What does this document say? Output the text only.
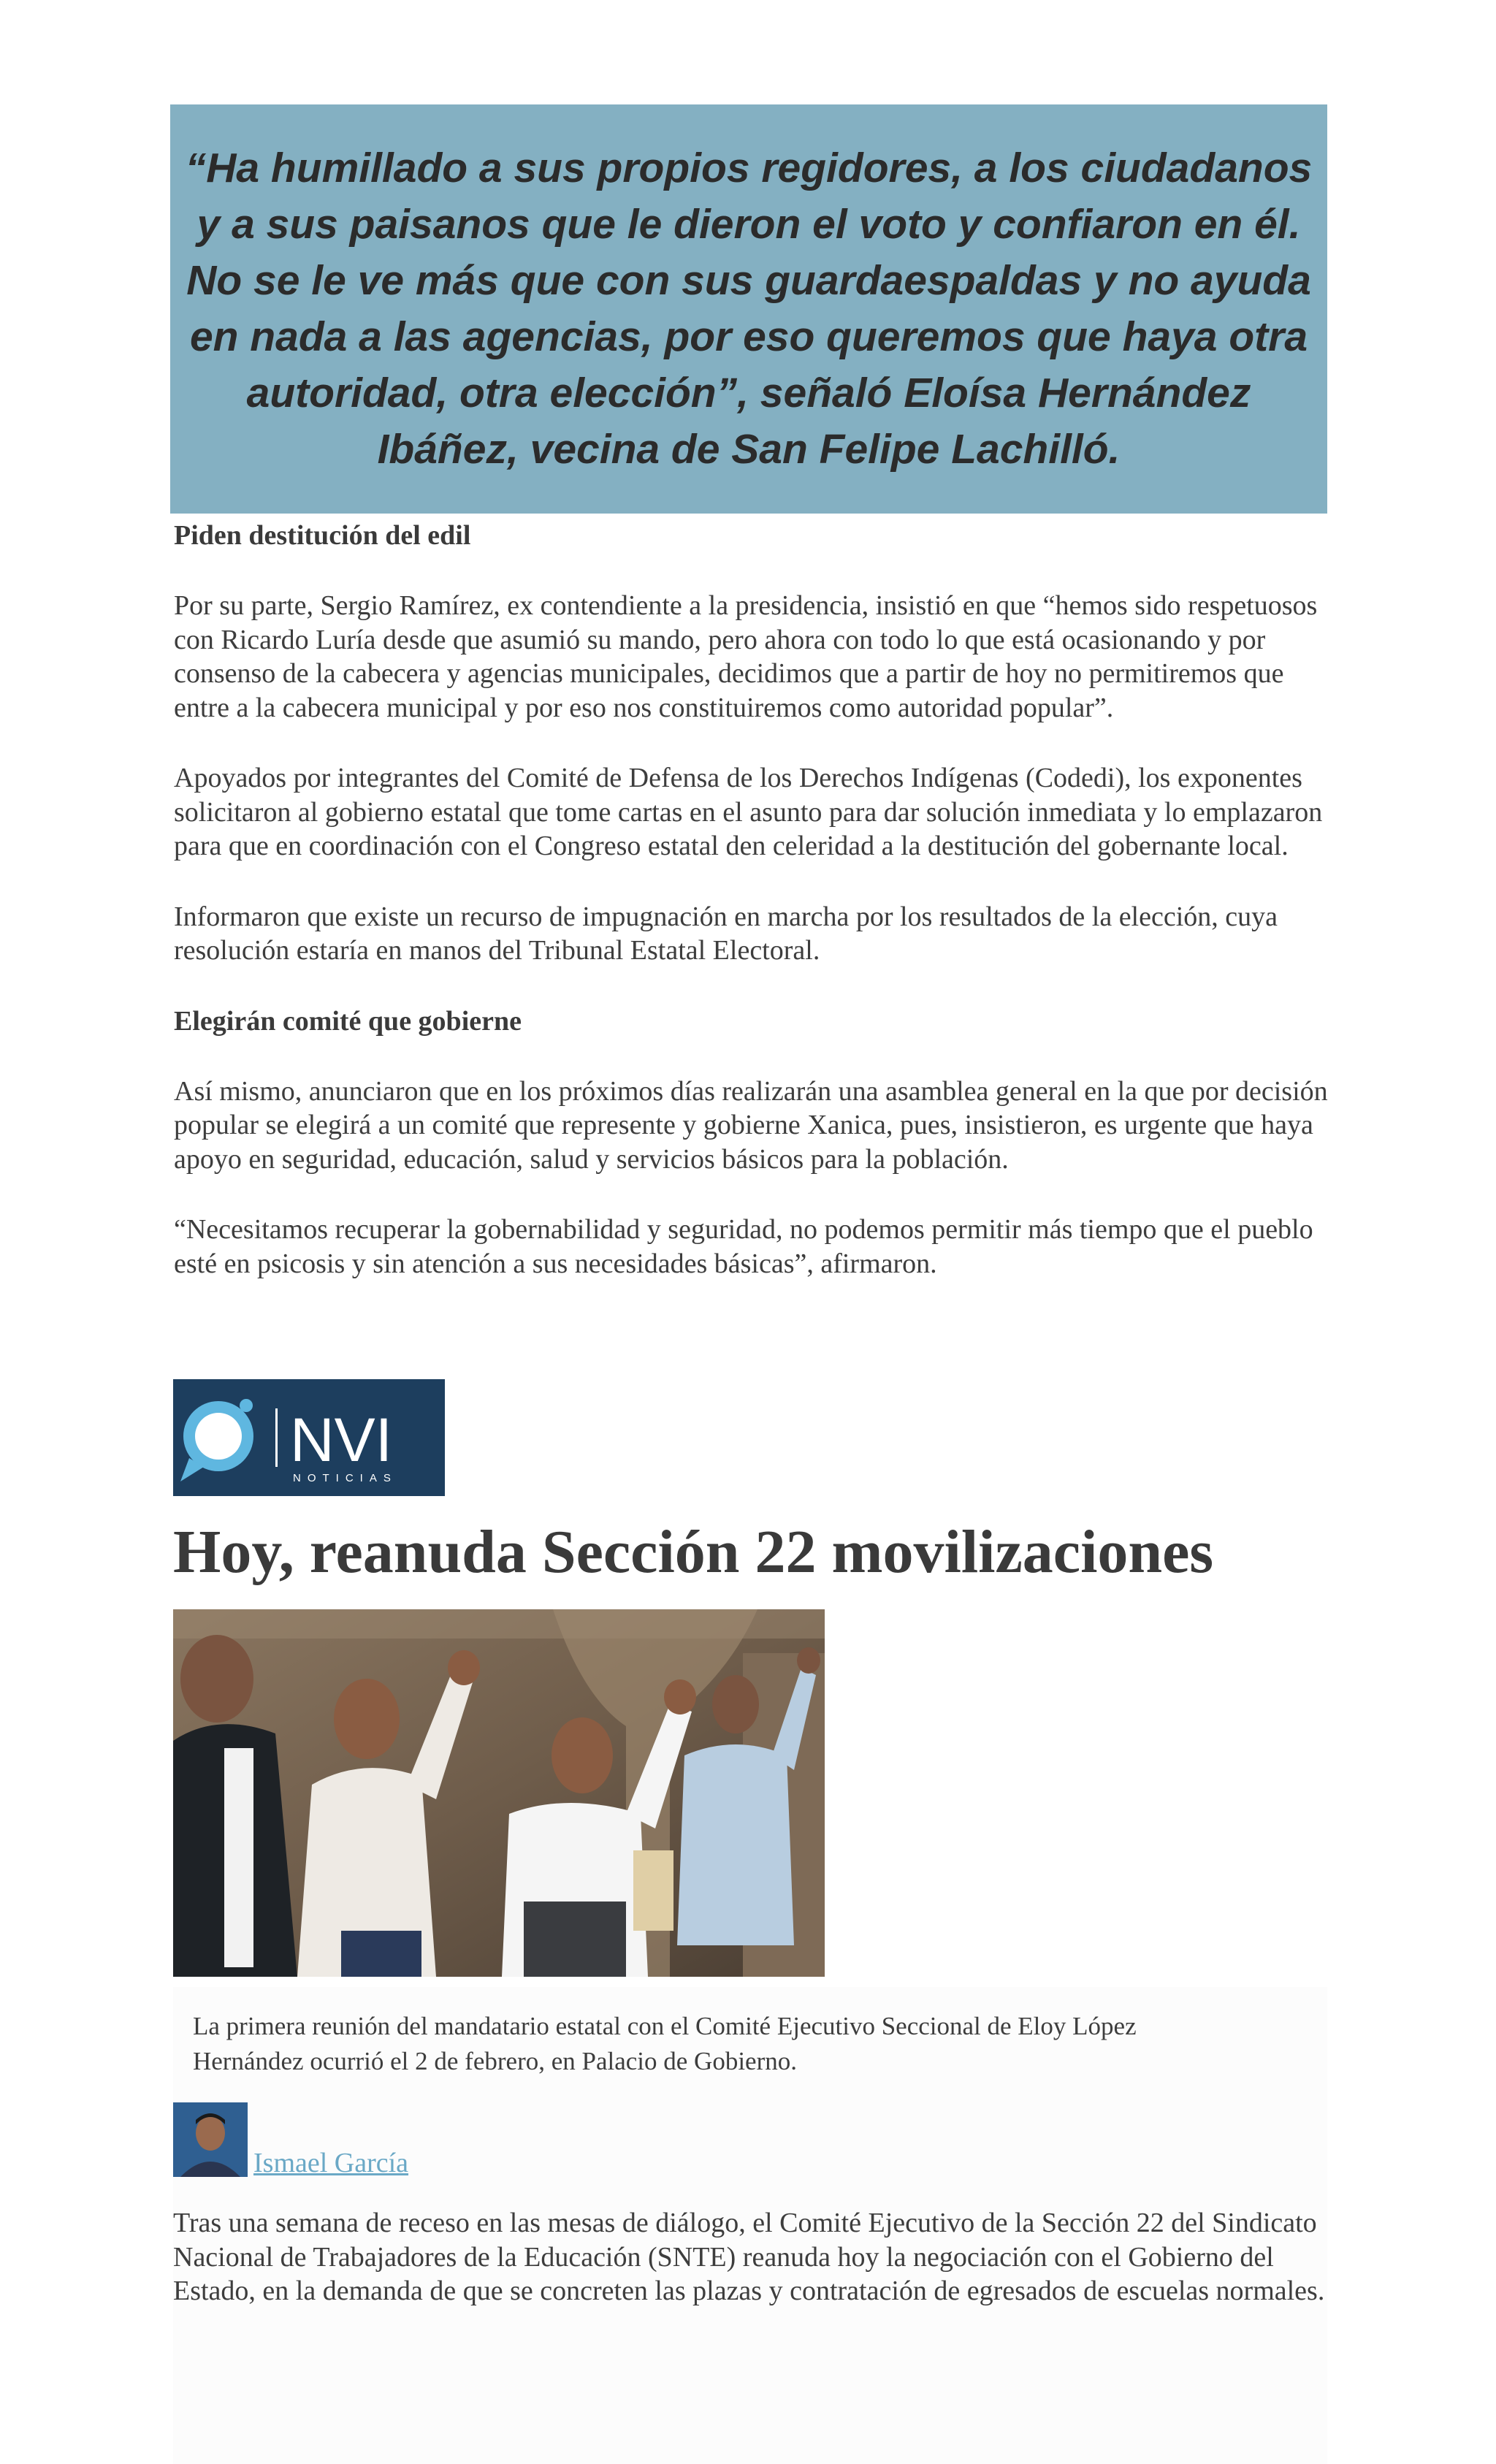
“Ha humillado a sus propios regidores, a los ciudadanos y a sus paisanos que le dieron el voto y confiaron en él. No se le ve más que con sus guardaespaldas y no ayuda en nada a las agencias, por eso queremos que haya otra autoridad, otra elección”, señaló Eloísa Hernández Ibáñez, vecina de San Felipe Lachilló.

Piden destitución del edil

Por su parte, Sergio Ramírez, ex contendiente a la presidencia, insistió en que “hemos sido respetuosos con Ricardo Luría desde que asumió su mando, pero ahora con todo lo que está ocasionando y por consenso de la cabecera y agencias municipales, decidimos que a partir de hoy no permitiremos que entre a la cabecera municipal y por eso nos constituiremos como autoridad popular”.

Apoyados por integrantes del Comité de Defensa de los Derechos Indígenas (Codedi), los exponentes solicitaron al gobierno estatal que tome cartas en el asunto para dar solución inmediata y lo emplazaron para que en coordinación con el Congreso estatal den celeridad a la destitución del gobernante local.

Informaron que existe un recurso de impugnación en marcha por los resultados de la elección, cuya resolución estaría en manos del Tribunal Estatal Electoral.

Elegirán comité que gobierne

Así mismo, anunciaron que en los próximos días realizarán una asamblea general en la que por decisión popular se elegirá a un comité que represente y gobierne Xanica, pues, insistieron, es urgente que haya apoyo en seguridad, educación, salud y servicios básicos para la población.

“Necesitamos recuperar la gobernabilidad y seguridad, no podemos permitir más tiempo que el pueblo esté en psicosis y sin atención a sus necesidades básicas”, afirmaron.

NVI
NOTICIAS
Hoy, reanuda Sección 22 movilizaciones

La primera reunión del mandatario estatal con el Comité Ejecutivo Seccional de Eloy López Hernández ocurrió el 2 de febrero, en Palacio de Gobierno.

Ismael García

Tras una semana de receso en las mesas de diálogo, el Comité Ejecutivo de la Sección 22 del Sindicato Nacional de Trabajadores de la Educación (SNTE) reanuda hoy la negociación con el Gobierno del Estado, en la demanda de que se concreten las plazas y contratación de egresados de escuelas normales.
